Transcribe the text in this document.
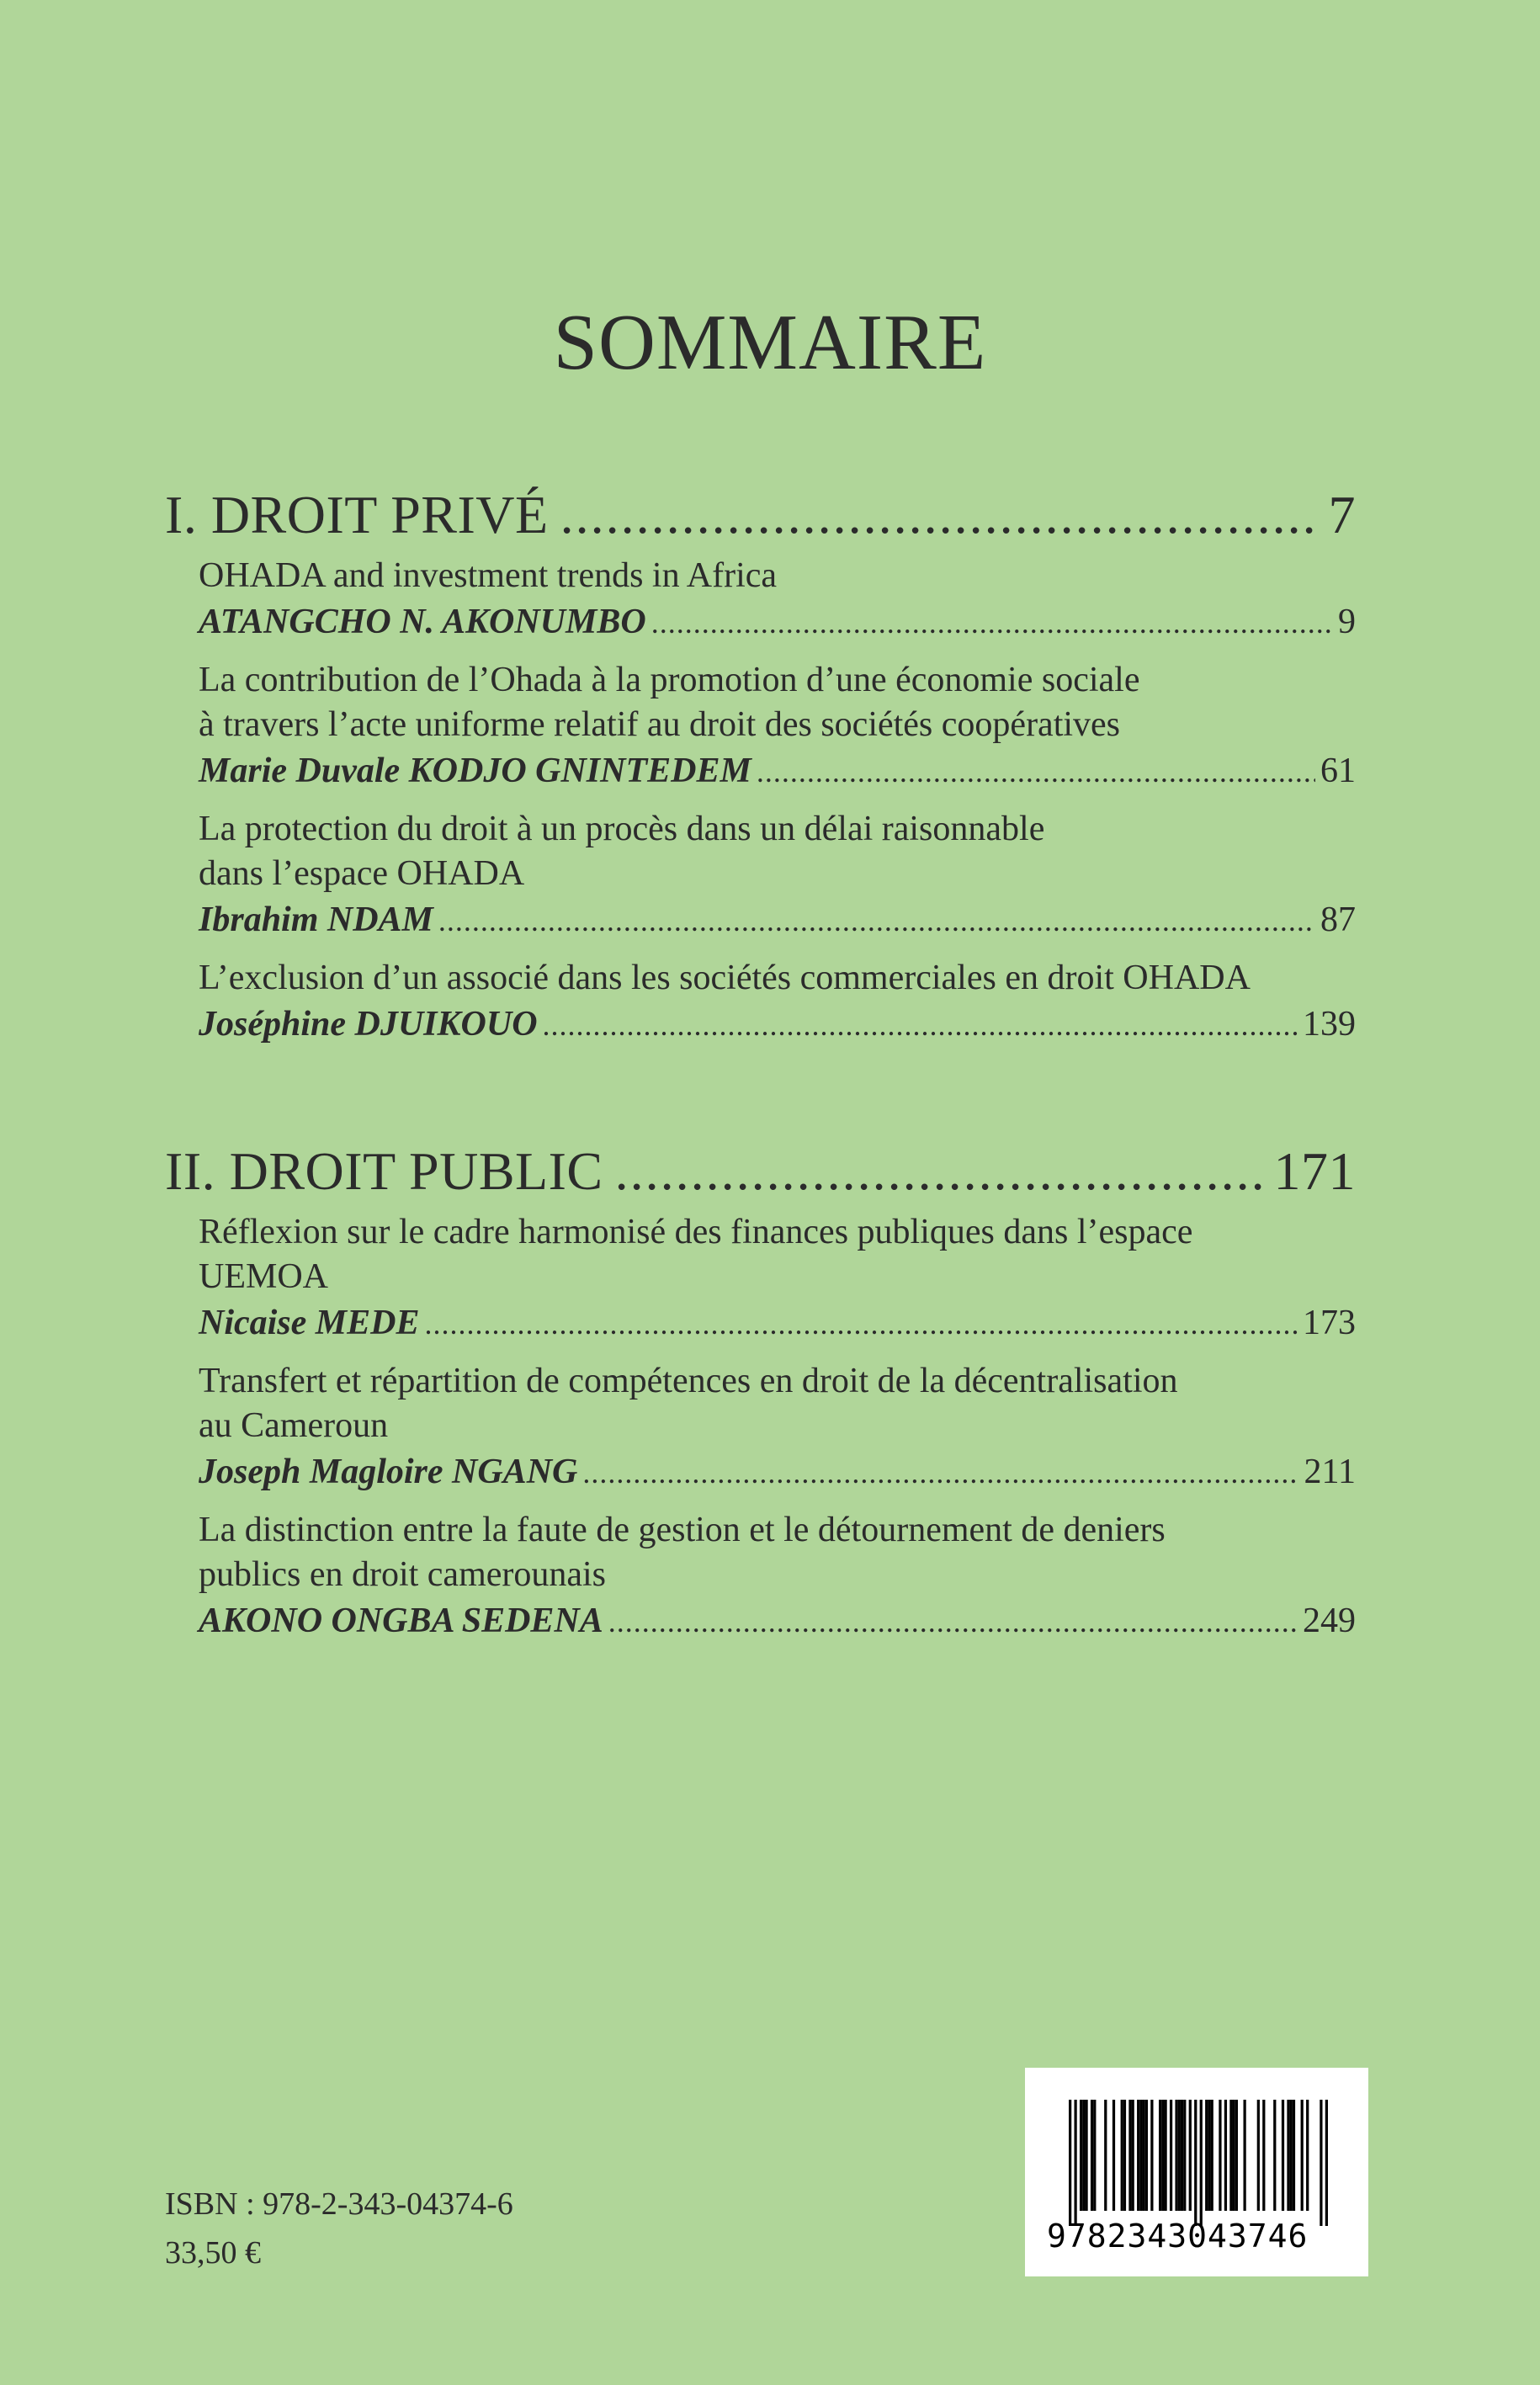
SOMMAIRE
I. DROIT PRIVÉ .....	7
OHADA and investment trends in Africa
ATANGCHO N. AKONUMBO .....	9
La contribution de l’Ohada à la promotion d’une économie sociale
à travers l’acte uniforme relatif au droit des sociétés coopératives
Marie Duvale KODJO GNINTEDEM .....	61
La protection du droit à un procès dans un délai raisonnable
dans l’espace OHADA
Ibrahim NDAM .....	87
L’exclusion d’un associé dans les sociétés commerciales en droit OHADA
Joséphine DJUIKOUO .....	139
II. DROIT PUBLIC .....	171
Réflexion sur le cadre harmonisé des finances publiques dans l’espace
UEMOA
Nicaise MEDE .....	173
Transfert et répartition de compétences en droit de la décentralisation
au Cameroun
Joseph Magloire NGANG .....	211
La distinction entre la faute de gestion et le détournement de deniers
publics en droit camerounais
AKONO ONGBA SEDENA .....	249
ISBN : 978-2-343-04374-6
33,50 €	9782343043746
